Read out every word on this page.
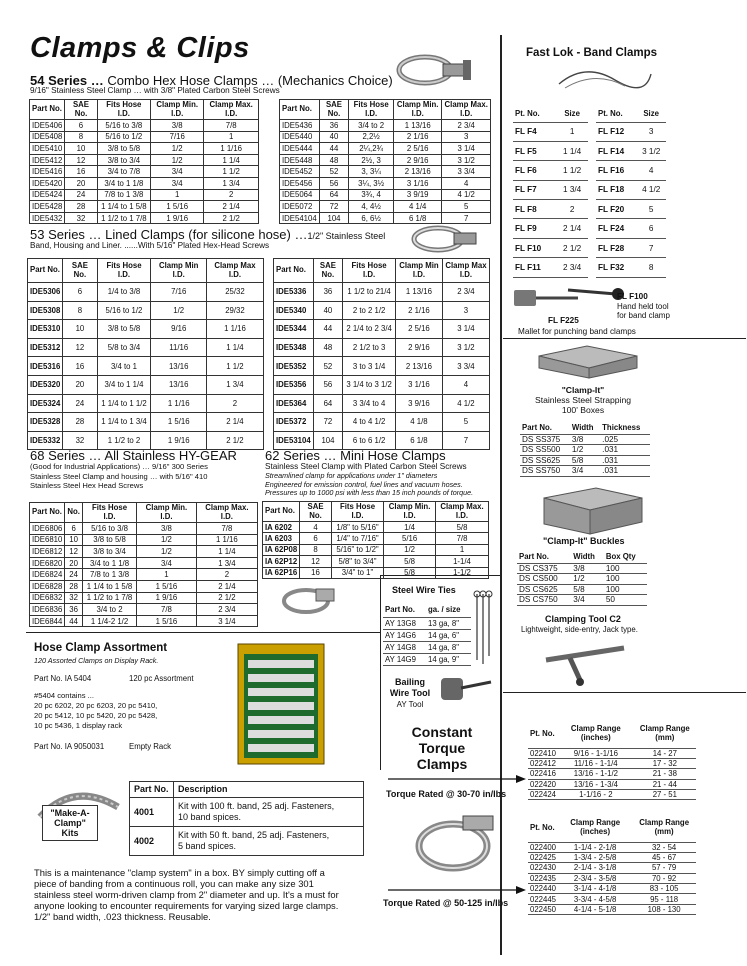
Clamps & Clips
54 Series … Combo Hex Hose Clamps … (Mechanics Choice)
9/16" Stainless Steel Clamp … with 3/8" Plated Carbon Steel Screws
Part No.	SAE No.	Fits Hose I.D.	Clamp Min. I.D.	Clamp Max. I.D.
IDE5406	6	5/16 to 3/8	3/8	7/8
IDE5408	8	5/16 to 1/2	7/16	1
IDE5410	10	3/8 to 5/8	1/2	1 1/16
IDE5412	12	3/8 to 3/4	1/2	1 1/4
IDE5416	16	3/4 to 7/8	3/4	1 1/2
IDE5420	20	3/4 to 1 1/8	3/4	1 3/4
IDE5424	24	7/8 to 1 3/8	1	2
IDE5428	28	1 1/4 to 1 5/8	1 5/16	2 1/4
IDE5432	32	1 1/2 to 1 7/8	1 9/16	2 1/2
Part No.	SAE No.	Fits Hose I.D.	Clamp Min. I.D.	Clamp Max. I.D.
IDE5436	36	3/4 to 2	1 13/16	2 3/4
IDE5440	40	2,2½	2 1/16	3
IDE5444	44	2¼,2¾	2 5/16	3 1/4
IDE5448	48	2½, 3	2 9/16	3 1/2
IDE5452	52	3, 3¼	2 13/16	3 3/4
IDE5456	56	3¼, 3½	3 1/16	4
IDE5064	64	3¾, 4	3 9/19	4 1/2
IDE5072	72	4, 4½	4 1/4	5
IDE54104	104	6, 6½	6 1/8	7
53 Series … Lined Clamps (for silicone hose) …1/2" Stainless Steel
Band, Housing and Liner. ......With 5/16" Plated Hex-Head Screws
Part No.	SAE No.	Fits Hose I.D.	Clamp Min I.D.	Clamp Max I.D.
IDE5306	6	1/4 to 3/8	7/16	25/32
IDE5308	8	5/16 to 1/2	1/2	29/32
IDE5310	10	3/8 to 5/8	9/16	1 1/16
IDE5312	12	5/8 to 3/4	11/16	1 1/4
IDE5316	16	3/4 to 1	13/16	1 1/2
IDE5320	20	3/4 to 1 1/4	13/16	1 3/4
IDE5324	24	1 1/4 to 1 1/2	1 1/16	2
IDE5328	28	1 1/4 to 1 3/4	1 5/16	2 1/4
IDE5332	32	1 1/2 to 2	1 9/16	2 1/2
Part No.	SAE No.	Fits Hose I.D.	Clamp Min I.D.	Clamp Max I.D.
IDE5336	36	1 1/2 to 21/4	1 13/16	2 3/4
IDE5340	40	2 to 2 1/2	2 1/16	3
IDE5344	44	2 1/4 to 2 3/4	2 5/16	3 1/4
IDE5348	48	2 1/2 to 3	2 9/16	3 1/2
IDE5352	52	3 to 3 1/4	2 13/16	3 3/4
IDE5356	56	3 1/4 to 3 1/2	3 1/16	4
IDE5364	64	3 3/4 to 4	3 9/16	4 1/2
IDE5372	72	4 to 4 1/2	4 1/8	5
IDE53104	104	6 to 6 1/2	6 1/8	7
68 Series … All Stainless HY-GEAR
(Good for Industrial Applications) … 9/16" 300 Series
Stainless Steel Clamp and housing … with 5/16" 410
Stainless Steel Hex Head Screws
Part No.	No.	Fits Hose I.D.	Clamp Min. I.D.	Clamp Max. I.D.
IDE6806	6	5/16 to 3/8	3/8	7/8
IDE6810	10	3/8 to 5/8	1/2	1 1/16
IDE6812	12	3/8 to 3/4	1/2	1 1/4
IDE6820	20	3/4 to 1 1/8	3/4	1 3/4
IDE6824	24	7/8 to 1 3/8	1	2
IDE6828	28	1 1/4 to 1 5/8	1 5/16	2 1/4
IDE6832	32	1 1/2 to 1 7/8	1 9/16	2 1/2
IDE6836	36	3/4 to 2	7/8	2 3/4
IDE6844	44	1 1/4-2 1/2	1 5/16	3 1/4
62 Series … Mini Hose Clamps
Stainless Steel Clamp with Plated Carbon Steel Screws
Streamlined clamp for applications under 1" diameters
Engineered for emission control, fuel lines and vacuum hoses.
Pressures up to 1000 psi with less than 15 inch pounds of torque.
Part No.	SAE No.	Fits Hose I.D.	Clamp Min. I.D.	Clamp Max. I.D.
IA 6202	4	1/8" to 5/16"	1/4	5/8
IA 6203	6	1/4" to 7/16"	5/16	7/8
IA 62P08	8	5/16" to 1/2"	1/2	1
IA 62P12	12	5/8" to 3/4"	5/8	1-1/4
IA 62P16	16	3/4" to 1"	5/8	1-1/2
Steel Wire Ties
Part No.	ga. / size
AY 13G8	13 ga, 8"
AY 14G6	14 ga, 6"
AY 14G8	14 ga, 8"
AY 14G9	14 ga, 9"
Bailing
Wire Tool
AY Tool
Hose Clamp Assortment
120 Assorted Clamps on Display Rack.
Part No. IA 5404	120 pc Assortment
#5404 contains ...
20 pc 6202, 20 pc 6203, 20 pc 5410,
20 pc 5412, 10 pc 5420, 20 pc 5428,
10 pc 5436, 1 display rack
Part No. IA 9050031	Empty Rack
"Make-A-
Clamp"
Kits
Part No.	Description
4001	Kit with 100 ft. band, 25 adj. Fasteners,
10 band spices.

4002	Kit with 50 ft. band, 25 adj. Fasteners,
5 band spices.
This is a maintenance "clamp system" in a box. BY simply cutting off a
piece of banding from a continuous roll, you can make any size 301
stainless steel worm-driven clamp from 2" diameter and up. It's a must for
anyone looking to encounter requirements for varying sized large clamps.
1/2" band width, .023 thickness. Reusable.
Constant
Torque
Clamps
Torque Rated @ 30-70 in/lbs
Torque Rated @ 50-125 in/lbs
Pt. No.	Clamp Range (inches)	Clamp Range (mm)
022410	9/16 - 1-1/16	14 - 27
022412	11/16 - 1-1/4	17 - 32
022416	13/16 - 1-1/2	21 - 38
022420	13/16 - 1-3/4	21 - 44
022424	1-1/16 - 2	27 - 51
Pt. No.	Clamp Range (inches)	Clamp Range (mm)
022400	1-1/4 - 2-1/8	32 - 54
022425	1-3/4 - 2-5/8	45 - 67
022430	2-1/4 - 3-1/8	57 - 79
022435	2-3/4 - 3-5/8	70 - 92
022440	3-1/4 - 4-1/8	83 - 105
022445	3-3/4 - 4-5/8	95 - 118
022450	4-1/4 - 5-1/8	108 - 130
Fast Lok - Band Clamps
Pt. No.	Size
FL F4	1
FL F5	1 1/4
FL F6	1 1/2
FL F7	1 3/4
FL F8	2
FL F9	2 1/4
FL F10	2 1/2
FL F11	2 3/4
Pt. No.	Size
FL F12	3
FL F14	3 1/2
FL F16	4
FL F18	4 1/2
FL F20	5
FL F24	6
FL F28	7
FL F32	8
FL F100
Hand held tool
for band clamp
FL F225
Mallet for punching band clamps
"Clamp-It"
Stainless Steel Strapping
100' Boxes
Part No.	Width	Thickness
DS SS375	3/8	.025
DS SS500	1/2	.031
DS SS625	5/8	.031
DS SS750	3/4	.031
"Clamp-It" Buckles
Part No.	Width	Box Qty
DS CS375	3/8	100
DS CS500	1/2	100
DS CS625	5/8	100
DS CS750	3/4	50
Clamping Tool C2
Lightweight, side-entry, Jack type.
